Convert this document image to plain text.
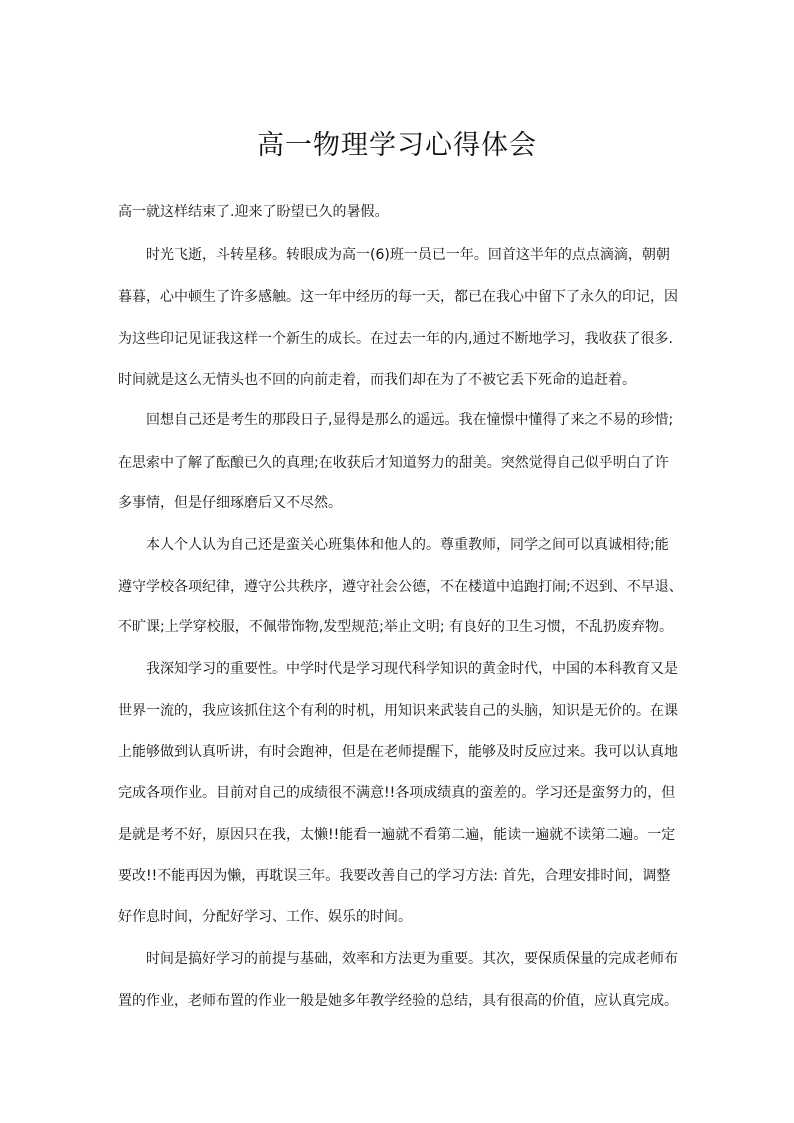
高一物理学习心得体会

高一就这样结束了.迎来了盼望已久的暑假。

时光飞逝，斗转星移。转眼成为高一(6)班一员已一年。回首这半年的点点滴滴，朝朝

暮暮，心中顿生了许多感触。这一年中经历的每一天，都已在我心中留下了永久的印记，因

为这些印记见证我这样一个新生的成长。在过去一年的内,通过不断地学习，我收获了很多.

时间就是这么无情头也不回的向前走着，而我们却在为了不被它丢下死命的追赶着。

回想自己还是考生的那段日子,显得是那么的遥远。我在憧憬中懂得了来之不易的珍惜;

在思索中了解了酝酿已久的真理;在收获后才知道努力的甜美。突然觉得自己似乎明白了许

多事情，但是仔细琢磨后又不尽然。

本人个人认为自己还是蛮关心班集体和他人的。尊重教师，同学之间可以真诚相待;能

遵守学校各项纪律，遵守公共秩序，遵守社会公德，不在楼道中追跑打闹;不迟到、不早退、

不旷课;上学穿校服，不佩带饰物,发型规范;举止文明; 有良好的卫生习惯，不乱扔废弃物。

我深知学习的重要性。中学时代是学习现代科学知识的黄金时代，中国的本科教育又是

世界一流的，我应该抓住这个有利的时机，用知识来武装自己的头脑，知识是无价的。在课

上能够做到认真听讲，有时会跑神，但是在老师提醒下，能够及时反应过来。我可以认真地

完成各项作业。目前对自己的成绩很不满意!!各项成绩真的蛮差的。学习还是蛮努力的，但

是就是考不好，原因只在我，太懒!!能看一遍就不看第二遍，能读一遍就不读第二遍。一定

要改!!不能再因为懒，再耽误三年。我要改善自己的学习方法: 首先，合理安排时间，调整

好作息时间，分配好学习、工作、娱乐的时间。

时间是搞好学习的前提与基础，效率和方法更为重要。其次，要保质保量的完成老师布

置的作业，老师布置的作业一般是她多年教学经验的总结，具有很高的价值，应认真完成。
